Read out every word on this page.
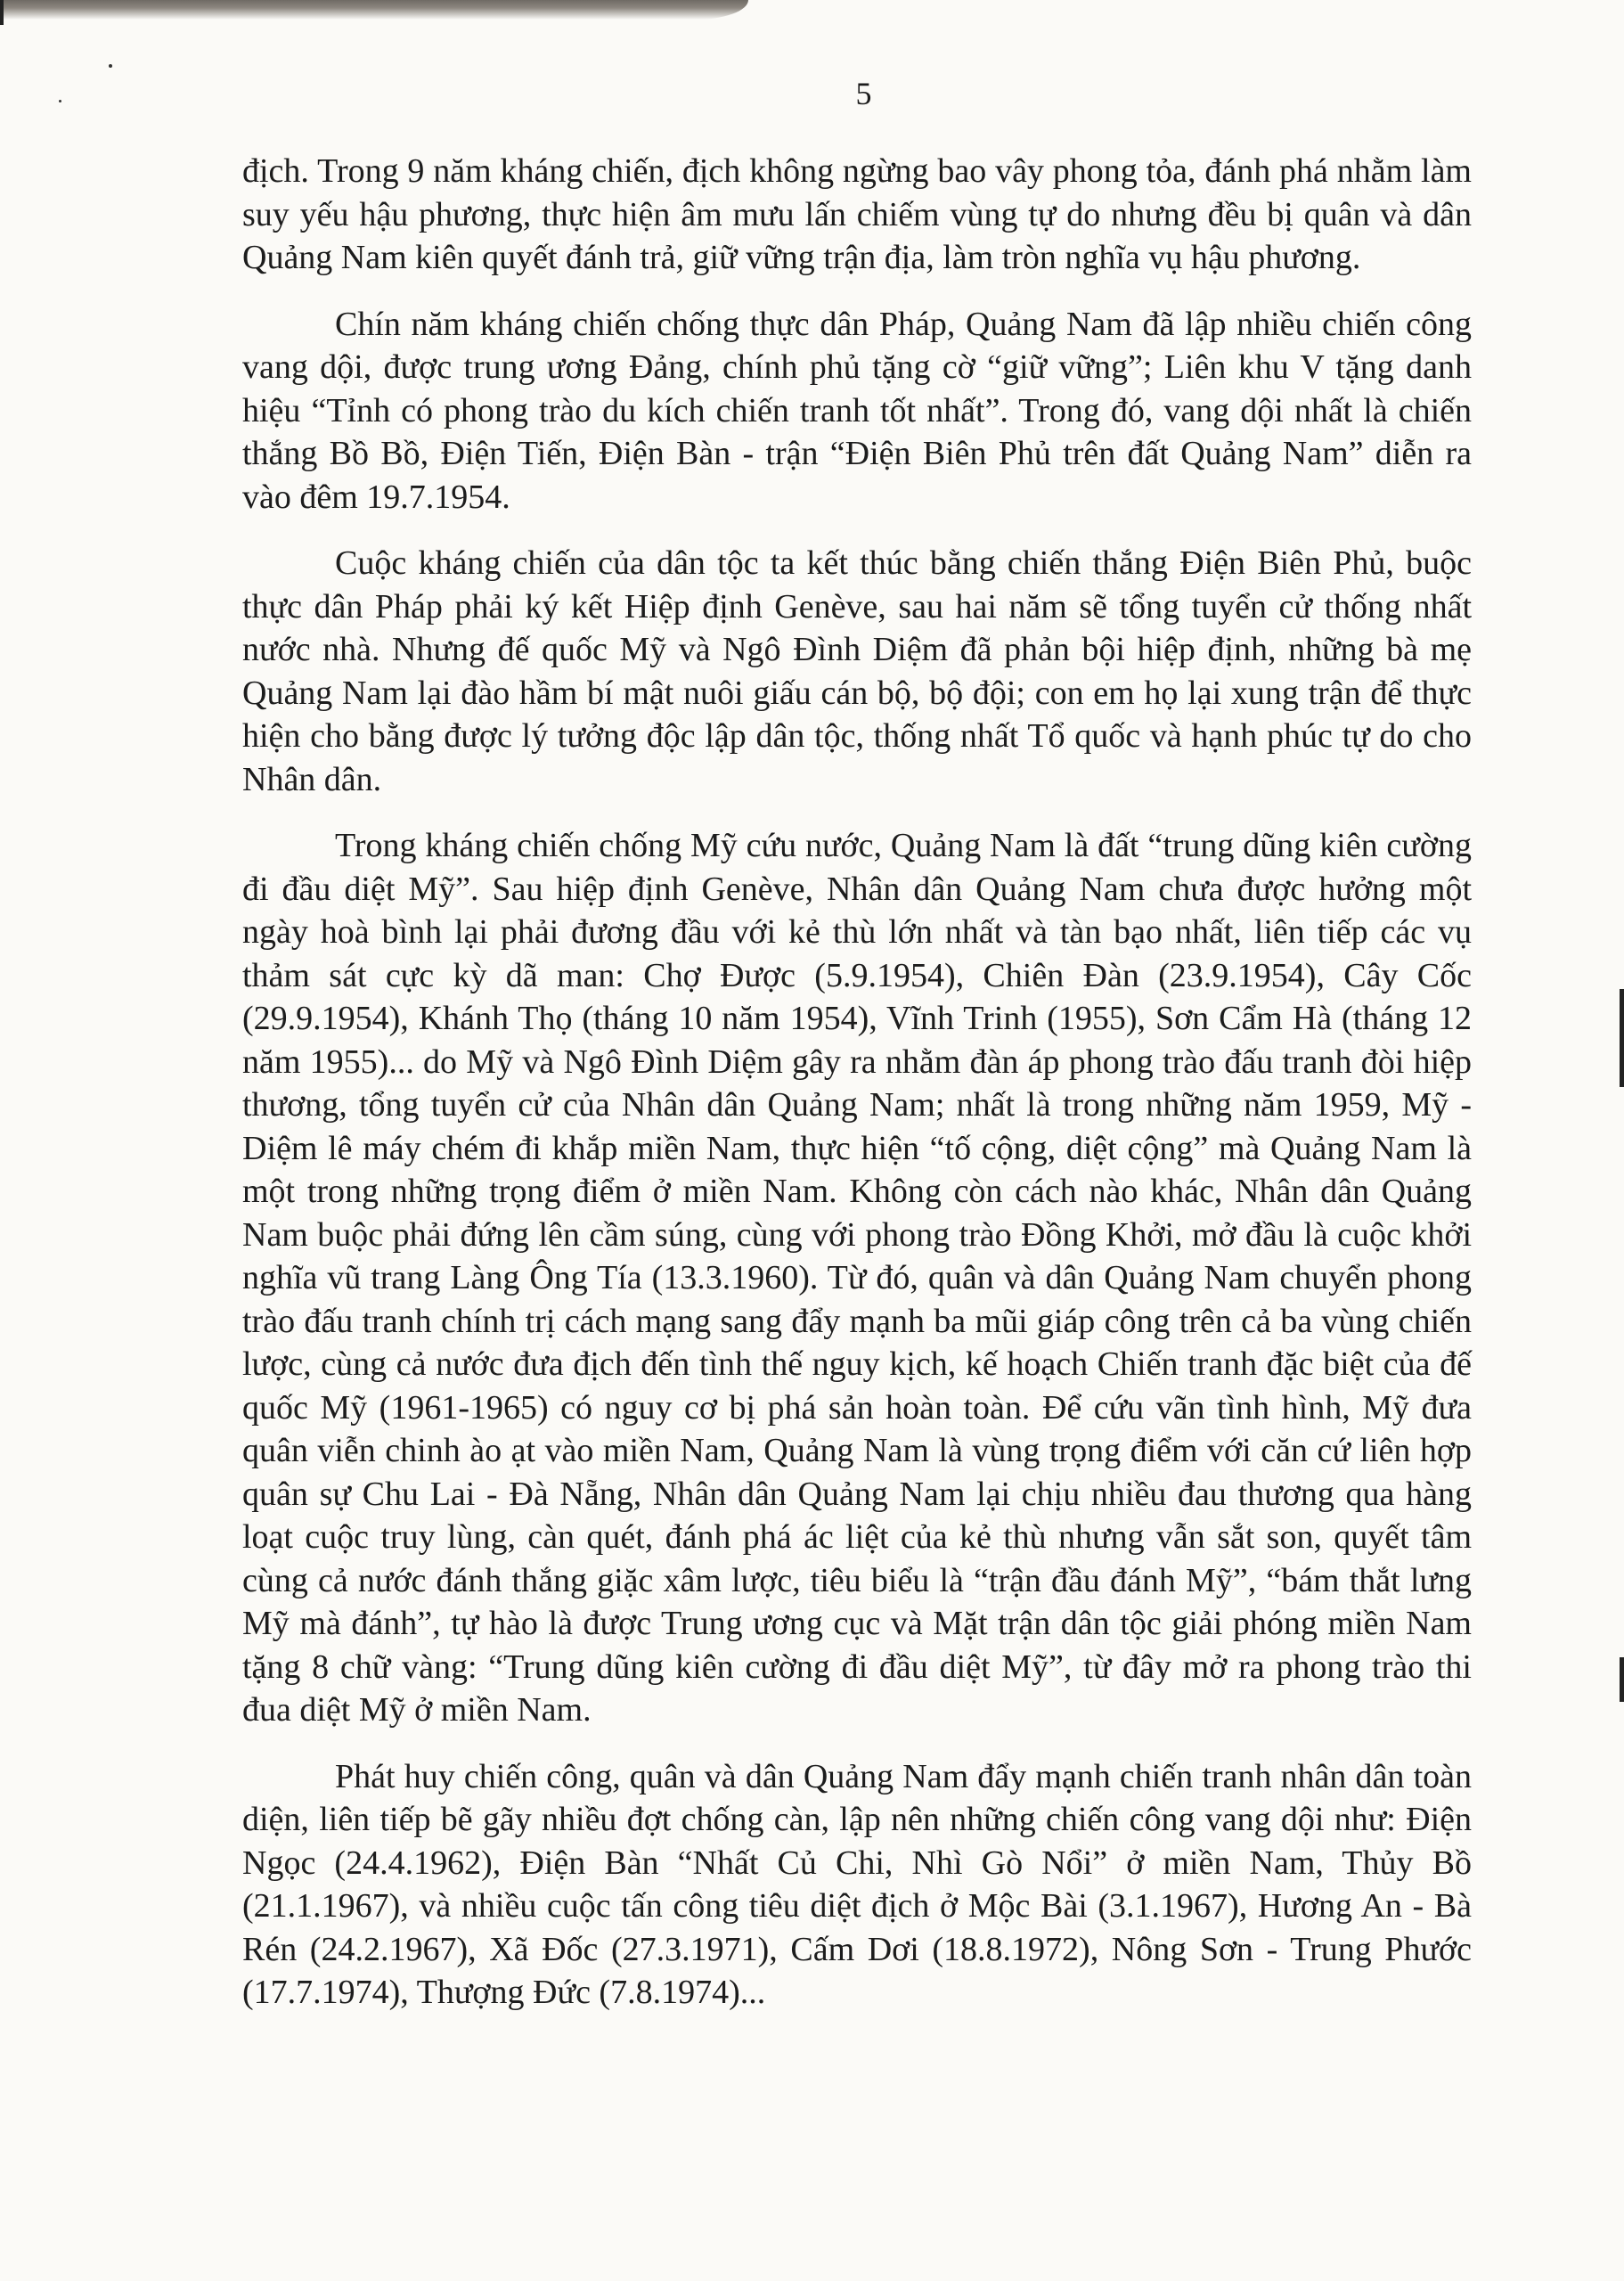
5

địch. Trong 9 năm kháng chiến, địch không ngừng bao vây phong tỏa, đánh phá nhằm làm suy yếu hậu phương, thực hiện âm mưu lấn chiếm vùng tự do nhưng đều bị quân và dân Quảng Nam kiên quyết đánh trả, giữ vững trận địa, làm tròn nghĩa vụ hậu phương.

Chín năm kháng chiến chống thực dân Pháp, Quảng Nam đã lập nhiều chiến công vang dội, được trung ương Đảng, chính phủ tặng cờ “giữ vững”; Liên khu V tặng danh hiệu “Tỉnh có phong trào du kích chiến tranh tốt nhất”. Trong đó, vang dội nhất là chiến thắng Bồ Bồ, Điện Tiến, Điện Bàn - trận “Điện Biên Phủ trên đất Quảng Nam” diễn ra vào đêm 19.7.1954.

Cuộc kháng chiến của dân tộc ta kết thúc bằng chiến thắng Điện Biên Phủ, buộc thực dân Pháp phải ký kết Hiệp định Genève, sau hai năm sẽ tổng tuyển cử thống nhất nước nhà. Nhưng đế quốc Mỹ và Ngô Đình Diệm đã phản bội hiệp định, những bà mẹ Quảng Nam lại đào hầm bí mật nuôi giấu cán bộ, bộ đội; con em họ lại xung trận để thực hiện cho bằng được lý tưởng độc lập dân tộc, thống nhất Tổ quốc và hạnh phúc tự do cho Nhân dân.

Trong kháng chiến chống Mỹ cứu nước, Quảng Nam là đất “trung dũng kiên cường đi đầu diệt Mỹ”. Sau hiệp định Genève, Nhân dân Quảng Nam chưa được hưởng một ngày hoà bình lại phải đương đầu với kẻ thù lớn nhất và tàn bạo nhất, liên tiếp các vụ thảm sát cực kỳ dã man: Chợ Được (5.9.1954), Chiên Đàn (23.9.1954), Cây Cốc (29.9.1954), Khánh Thọ (tháng 10 năm 1954), Vĩnh Trinh (1955), Sơn Cẩm Hà (tháng 12 năm 1955)... do Mỹ và Ngô Đình Diệm gây ra nhằm đàn áp phong trào đấu tranh đòi hiệp thương, tổng tuyển cử của Nhân dân Quảng Nam; nhất là trong những năm 1959, Mỹ - Diệm lê máy chém đi khắp miền Nam, thực hiện “tố cộng, diệt cộng” mà Quảng Nam là một trong những trọng điểm ở miền Nam. Không còn cách nào khác, Nhân dân Quảng Nam buộc phải đứng lên cầm súng, cùng với phong trào Đồng Khởi, mở đầu là cuộc khởi nghĩa vũ trang Làng Ông Tía (13.3.1960). Từ đó, quân và dân Quảng Nam chuyển phong trào đấu tranh chính trị cách mạng sang đẩy mạnh ba mũi giáp công trên cả ba vùng chiến lược, cùng cả nước đưa địch đến tình thế nguy kịch, kế hoạch Chiến tranh đặc biệt của đế quốc Mỹ (1961-1965) có nguy cơ bị phá sản hoàn toàn. Để cứu vãn tình hình, Mỹ đưa quân viễn chinh ào ạt vào miền Nam, Quảng Nam là vùng trọng điểm với căn cứ liên hợp quân sự Chu Lai - Đà Nẵng, Nhân dân Quảng Nam lại chịu nhiều đau thương qua hàng loạt cuộc truy lùng, càn quét, đánh phá ác liệt của kẻ thù nhưng vẫn sắt son, quyết tâm cùng cả nước đánh thắng giặc xâm lược, tiêu biểu là “trận đầu đánh Mỹ”, “bám thắt lưng Mỹ mà đánh”, tự hào là được Trung ương cục và Mặt trận dân tộc giải phóng miền Nam tặng 8 chữ vàng: “Trung dũng kiên cường đi đầu diệt Mỹ”, từ đây mở ra phong trào thi đua diệt Mỹ ở miền Nam.

Phát huy chiến công, quân và dân Quảng Nam đẩy mạnh chiến tranh nhân dân toàn diện, liên tiếp bẽ gãy nhiều đợt chống càn, lập nên những chiến công vang dội như: Điện Ngọc (24.4.1962), Điện Bàn “Nhất Củ Chi, Nhì Gò Nổi” ở miền Nam, Thủy Bồ (21.1.1967), và nhiều cuộc tấn công tiêu diệt địch ở Mộc Bài (3.1.1967), Hương An - Bà Rén (24.2.1967), Xã Đốc (27.3.1971), Cấm Dơi (18.8.1972), Nông Sơn - Trung Phước (17.7.1974), Thượng Đức (7.8.1974)...
